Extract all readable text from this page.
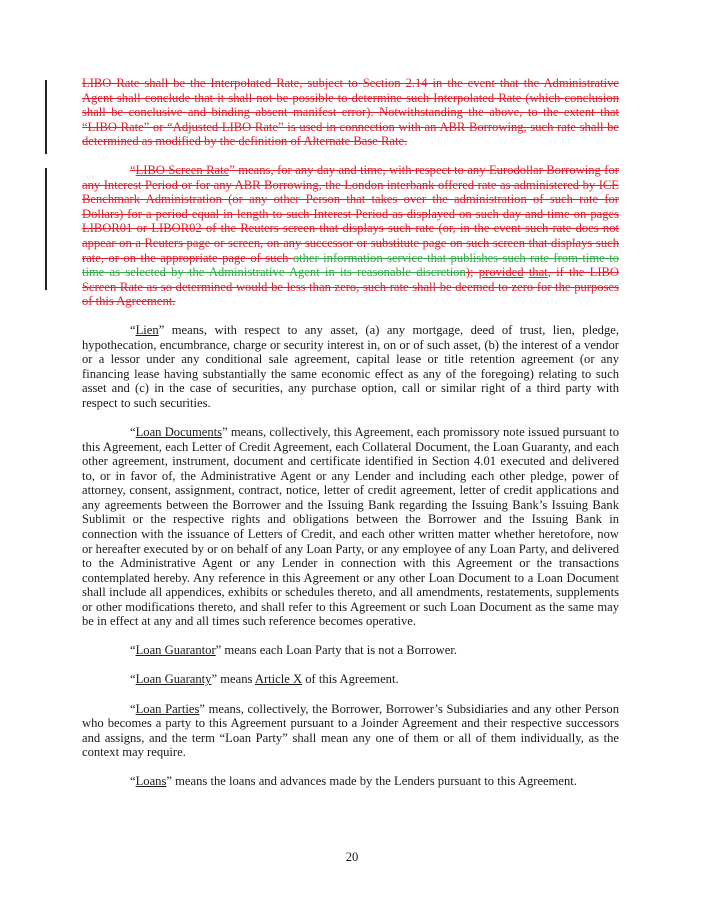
LIBO Rate shall be the Interpolated Rate, subject to Section 2.14 in the event that the Administrative Agent shall conclude that it shall not be possible to determine such Interpolated Rate (which conclusion shall be conclusive and binding absent manifest error). Notwithstanding the above, to the extent that “LIBO Rate” or “Adjusted LIBO Rate” is used in connection with an ABR Borrowing, such rate shall be determined as modified by the definition of Alternate Base Rate.

“LIBO Screen Rate” means, for any day and time, with respect to any Eurodollar Borrowing for any Interest Period or for any ABR Borrowing, the London interbank offered rate as administered by ICE Benchmark Administration (or any other Person that takes over the administration of such rate for Dollars) for a period equal in length to such Interest Period as displayed on such day and time on pages LIBOR01 or LIBOR02 of the Reuters screen that displays such rate (or, in the event such rate does not appear on a Reuters page or screen, on any successor or substitute page on such screen that displays such rate, or on the appropriate page of such other information service that publishes such rate from time to time as selected by the Administrative Agent in its reasonable discretion); provided that, if the LIBO Screen Rate as so determined would be less than zero, such rate shall be deemed to zero for the purposes of this Agreement.

“Lien” means, with respect to any asset, (a) any mortgage, deed of trust, lien, pledge, hypothecation, encumbrance, charge or security interest in, on or of such asset, (b) the interest of a vendor or a lessor under any conditional sale agreement, capital lease or title retention agreement (or any financing lease having substantially the same economic effect as any of the foregoing) relating to such asset and (c) in the case of securities, any purchase option, call or similar right of a third party with respect to such securities.

“Loan Documents” means, collectively, this Agreement, each promissory note issued pursuant to this Agreement, each Letter of Credit Agreement, each Collateral Document, the Loan Guaranty, and each other agreement, instrument, document and certificate identified in Section 4.01 executed and delivered to, or in favor of, the Administrative Agent or any Lender and including each other pledge, power of attorney, consent, assignment, contract, notice, letter of credit agreement, letter of credit applications and any agreements between the Borrower and the Issuing Bank regarding the Issuing Bank’s Issuing Bank Sublimit or the respective rights and obligations between the Borrower and the Issuing Bank in connection with the issuance of Letters of Credit, and each other written matter whether heretofore, now or hereafter executed by or on behalf of any Loan Party, or any employee of any Loan Party, and delivered to the Administrative Agent or any Lender in connection with this Agreement or the transactions contemplated hereby. Any reference in this Agreement or any other Loan Document to a Loan Document shall include all appendices, exhibits or schedules thereto, and all amendments, restatements, supplements or other modifications thereto, and shall refer to this Agreement or such Loan Document as the same may be in effect at any and all times such reference becomes operative.

“Loan Guarantor” means each Loan Party that is not a Borrower.

“Loan Guaranty” means Article X of this Agreement.

“Loan Parties” means, collectively, the Borrower, Borrower’s Subsidiaries and any other Person who becomes a party to this Agreement pursuant to a Joinder Agreement and their respective successors and assigns, and the term “Loan Party” shall mean any one of them or all of them individually, as the context may require.

“Loans” means the loans and advances made by the Lenders pursuant to this Agreement.

20
